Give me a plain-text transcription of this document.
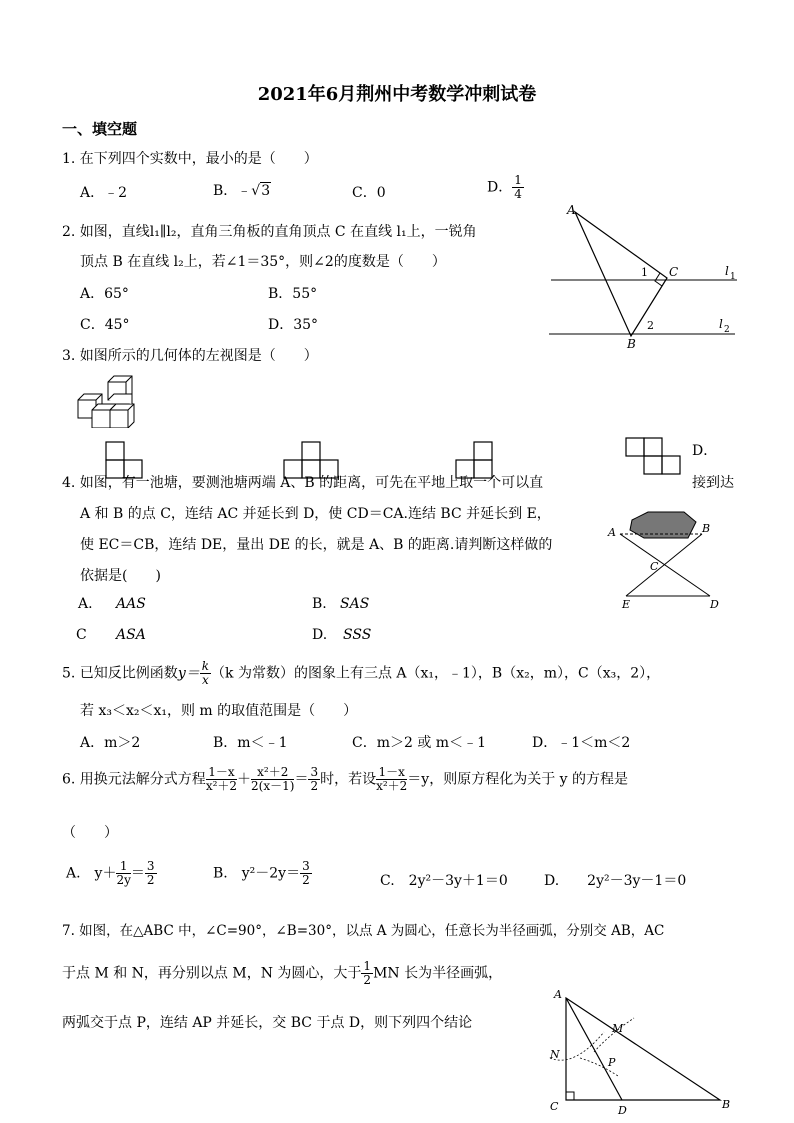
2021年6月荆州中考数学冲刺试卷
一、填空题
1. 在下列四个实数中，最小的是（　　）
A．﹣2	B．﹣√3	C．0	D． $\frac{1}{4}$
2. 如图，直线l₁∥l₂，直角三角板的直角顶点 C 在直线 l₁上，一锐角
顶点 B 在直线 l₂上，若∠1＝35°，则∠2的度数是（　　）
A．65°	B．55°
C．45°	D．35°
A
C
B
1
2
l 1
l 2
3. 如图所示的几何体的左视图是（　　）
D．
4. 如图，有一池塘，要测池塘两端 A、B 的距离，可先在平地上取一个可以直	接到达
A 和 B 的点 C，连结 AC 并延长到 D，使 CD＝CA.连结 BC 并延长到 E，
使 EC＝CB，连结 DE，量出 DE 的长，就是 A、B 的距离.请判断这样做的
依据是(　　)
A. AAS	B. SAS
C ASA	D. SSS
A	B
C
E	D
5. 已知反比例函数$y= \frac{k}{x} (k$ 为常数）的图象上有三点 A（x₁，﹣1），B（x₂，m），C（x₃，2），
若 x₃＜x₂＜x₁，则 m 的取值范围是（　　）
A．m＞2	B．m＜﹣1	C．m＞2 或 m＜﹣1	D．﹣1＜m＜2
6. 用换元法解分式方程 $\frac{1-x}{\text{x²＋2}} + \frac{\text{x²＋2}}{2(x-1)} = \frac{3}{2}$ 时，若设 $\frac{1-x}{\text{x²＋2}} =y$，则原方程化为关于 y 的方程是
（　　）
A.　$y+ \frac{1}{2y} = \frac{3}{2}$	B.　$y^2-2y= \frac{3}{2}$	C.　2y²－3y＋1＝0	D.　　2y²－3y－1＝0
7. 如图，在△ABC 中，∠C=90°，∠B=30°，以点 A 为圆心，任意长为半径画弧，分别交 AB，AC
于点 M 和 N，再分别以点 M，N 为圆心，大于 $\frac{1}{2}$ MN 长为半径画弧，
两弧交于点 P，连结 AP 并延长，交 BC 于点 D，则下列四个结论
A
M
N
P
C	D	B
